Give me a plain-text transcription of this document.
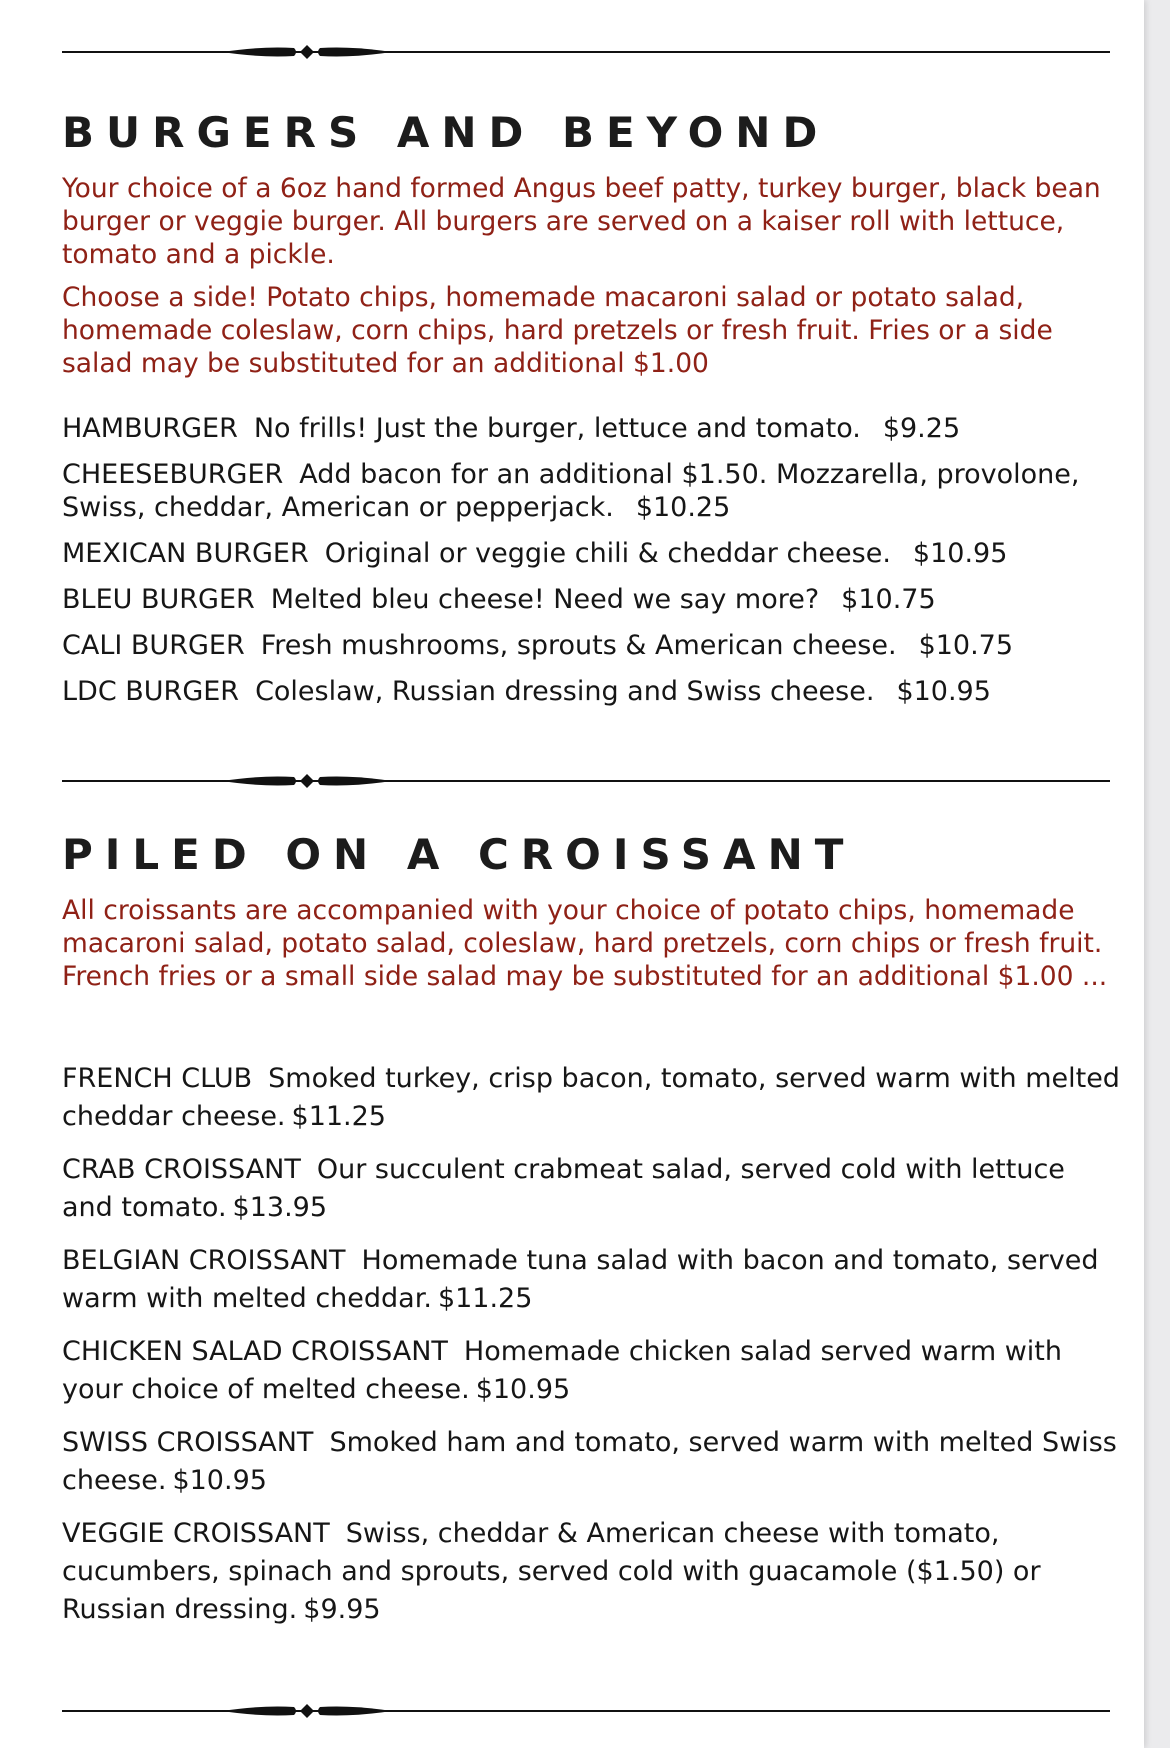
BURGERS AND BEYOND

Your choice of a 6oz hand formed Angus beef patty, turkey burger, black bean burger or veggie burger. All burgers are served on a kaiser roll with lettuce, tomato and a pickle.

Choose a side! Potato chips, homemade macaroni salad or potato salad, homemade coleslaw, corn chips, hard pretzels or fresh fruit. Fries or a side salad may be substituted for an additional $1.00

HAMBURGER No frills! Just the burger, lettuce and tomato. $9.25

CHEESEBURGER Add bacon for an additional $1.50. Mozzarella, provolone, Swiss, cheddar, American or pepperjack. $10.25

MEXICAN BURGER Original or veggie chili & cheddar cheese. $10.95

BLEU BURGER Melted bleu cheese! Need we say more? $10.75

CALI BURGER Fresh mushrooms, sprouts & American cheese. $10.75

LDC BURGER Coleslaw, Russian dressing and Swiss cheese. $10.95

PILED ON A CROISSANT

All croissants are accompanied with your choice of potato chips, homemade macaroni salad, potato salad, coleslaw, hard pretzels, corn chips or fresh fruit. French fries or a small side salad may be substituted for an additional $1.00 ...

FRENCH CLUB Smoked turkey, crisp bacon, tomato, served warm with melted cheddar cheese. $11.25

CRAB CROISSANT Our succulent crabmeat salad, served cold with lettuce and tomato. $13.95

BELGIAN CROISSANT Homemade tuna salad with bacon and tomato, served warm with melted cheddar. $11.25

CHICKEN SALAD CROISSANT Homemade chicken salad served warm with your choice of melted cheese. $10.95

SWISS CROISSANT Smoked ham and tomato, served warm with melted Swiss cheese. $10.95

VEGGIE CROISSANT Swiss, cheddar & American cheese with tomato, cucumbers, spinach and sprouts, served cold with guacamole ($1.50) or Russian dressing. $9.95
